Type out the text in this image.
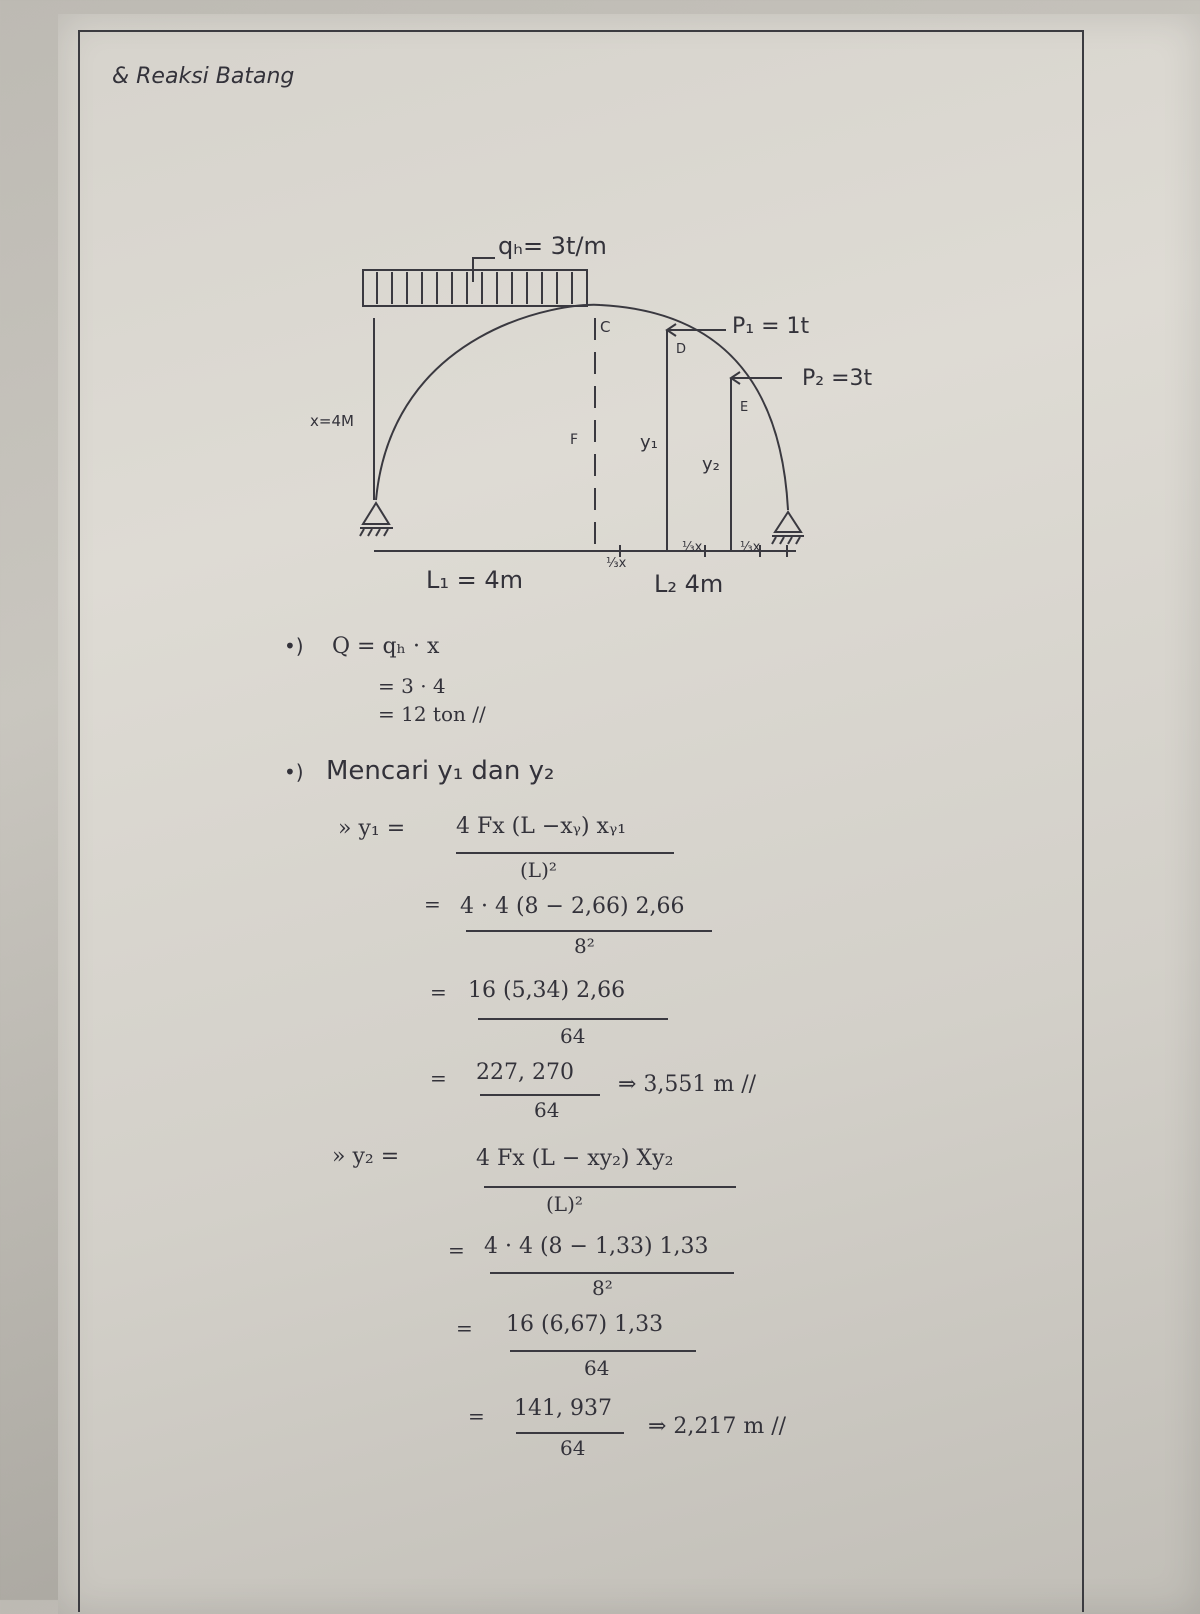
& Reaksi Batang
qₕ= 3t/m
P₁ = 1t
P₂ =3t
x=4M
C
D
E
F	y₁
y₂
⅓x
⅓x	⅓x
L₁ = 4m	L₂ 4m
•) Q = qₕ · x
= 3 · 4
= 12 ton //
•) Mencari y₁ dan y₂
» y₁ = 4 Fx (L −xᵧ) xᵧ₁
(L)²
= 4 · 4 (8 − 2,66) 2,66
8²
= 16 (5,34) 2,66
64
= 227, 270
64
⇒ 3,551 m //
» y₂ =	4 Fx (L − xy₂) Xy₂
(L)²
= 4 · 4 (8 − 1,33) 1,33
8²
= 16 (6,67) 1,33
64
= 141, 937
64
⇒ 2,217 m //
